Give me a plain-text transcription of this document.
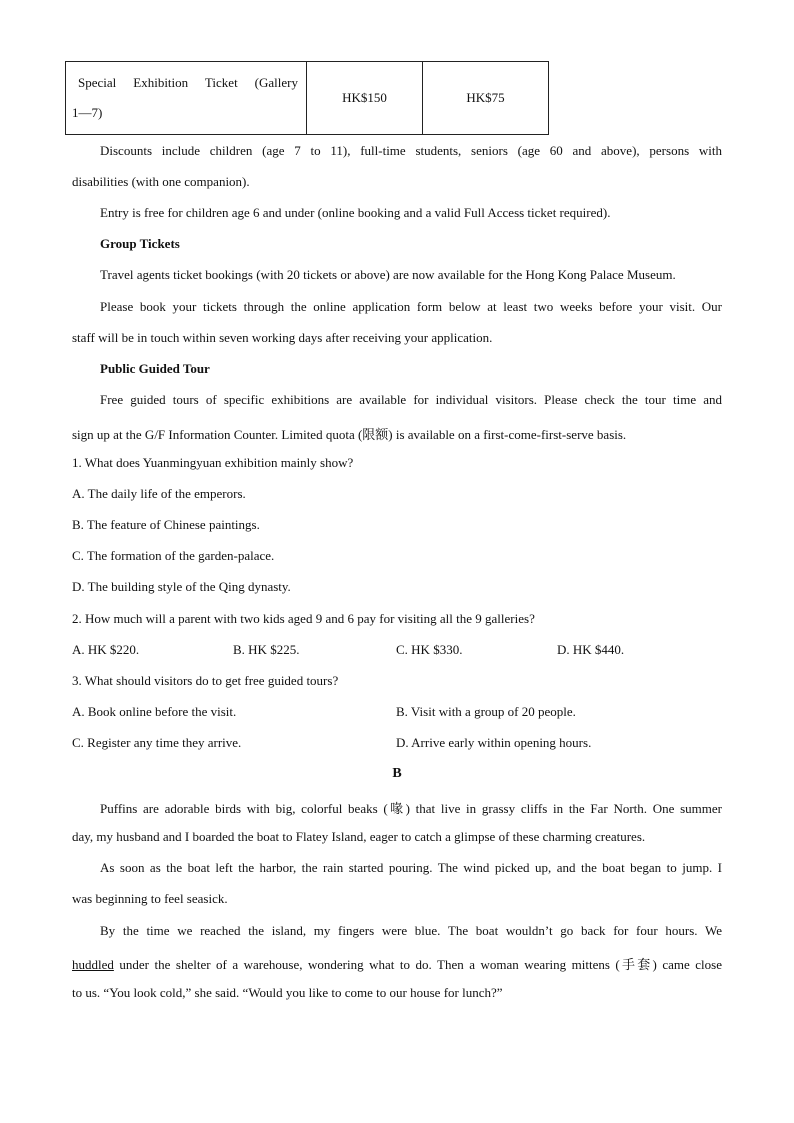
Special Exhibition Ticket (Gallery
1—7)
	HK$150	HK$75
Discounts include children (age 7 to 11), full-time students, seniors (age 60 and above), persons with
disabilities (with one companion).
Entry is free for children age 6 and under (online booking and a valid Full Access ticket required).
Group Tickets
Travel agents ticket bookings (with 20 tickets or above) are now available for the Hong Kong Palace Museum.
Please book your tickets through the online application form below at least two weeks before your visit. Our
staff will be in touch within seven working days after receiving your application.
Public Guided Tour
Free guided tours of specific exhibitions are available for individual visitors. Please check the tour time and
sign up at the G/F Information Counter. Limited quota (限额) is available on a first-come-first-serve basis.
1. What does Yuanmingyuan exhibition mainly show?
A. The daily life of the emperors.
B. The feature of Chinese paintings.
C. The formation of the garden-palace.
D. The building style of the Qing dynasty.
2. How much will a parent with two kids aged 9 and 6 pay for visiting all the 9 galleries?
A. HK $220.	B. HK $225.	C. HK $330.	D. HK $440.
3. What should visitors do to get free guided tours?
A. Book online before the visit.	B. Visit with a group of 20 people.
C. Register any time they arrive.	D. Arrive early within opening hours.
B
Puffins are adorable birds with big, colorful beaks (喙) that live in grassy cliffs in the Far North. One summer
day, my husband and I boarded the boat to Flatey Island, eager to catch a glimpse of these charming creatures.
As soon as the boat left the harbor, the rain started pouring. The wind picked up, and the boat began to jump. I
was beginning to feel seasick.
By the time we reached the island, my fingers were blue. The boat wouldn’t go back for four hours. We
huddled under the shelter of a warehouse, wondering what to do. Then a woman wearing mittens (手套) came close
to us. “You look cold,” she said. “Would you like to come to our house for lunch?”
